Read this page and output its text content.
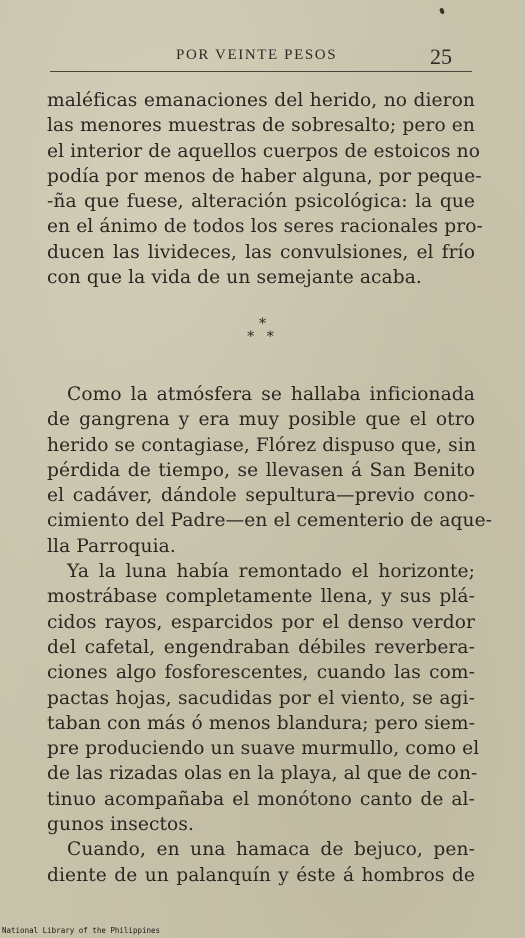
POR VEINTE PESOS	25
maléficas emanaciones del herido, no dieron
las menores muestras de sobresalto; pero en
el interior de aquellos cuerpos de estoicos no
podía por menos de haber alguna, por peque-
-ña que fuese, alteración psicológica: la que
en el ánimo de todos los seres racionales pro-
ducen las livideces, las convulsiones, el frío
con que la vida de un semejante acaba.
*
* *
Como la atmósfera se hallaba inficionada
de gangrena y era muy posible que el otro
herido se contagiase, Flórez dispuso que, sin
pérdida de tiempo, se llevasen á San Benito
el cadáver, dándole sepultura—previo cono-
cimiento del Padre—en el cementerio de aque-
lla Parroquia.
Ya la luna había remontado el horizonte;
mostrábase completamente llena, y sus plá-
cidos rayos, esparcidos por el denso verdor
del cafetal, engendraban débiles reverbera-
ciones algo fosforescentes, cuando las com-
pactas hojas, sacudidas por el viento, se agi-
taban con más ó menos blandura; pero siem-
pre produciendo un suave murmullo, como el
de las rizadas olas en la playa, al que de con-
tinuo acompañaba el monótono canto de al-
gunos insectos.
Cuando, en una hamaca de bejuco, pen-
diente de un palanquín y éste á hombros de
National Library of the Philippines
